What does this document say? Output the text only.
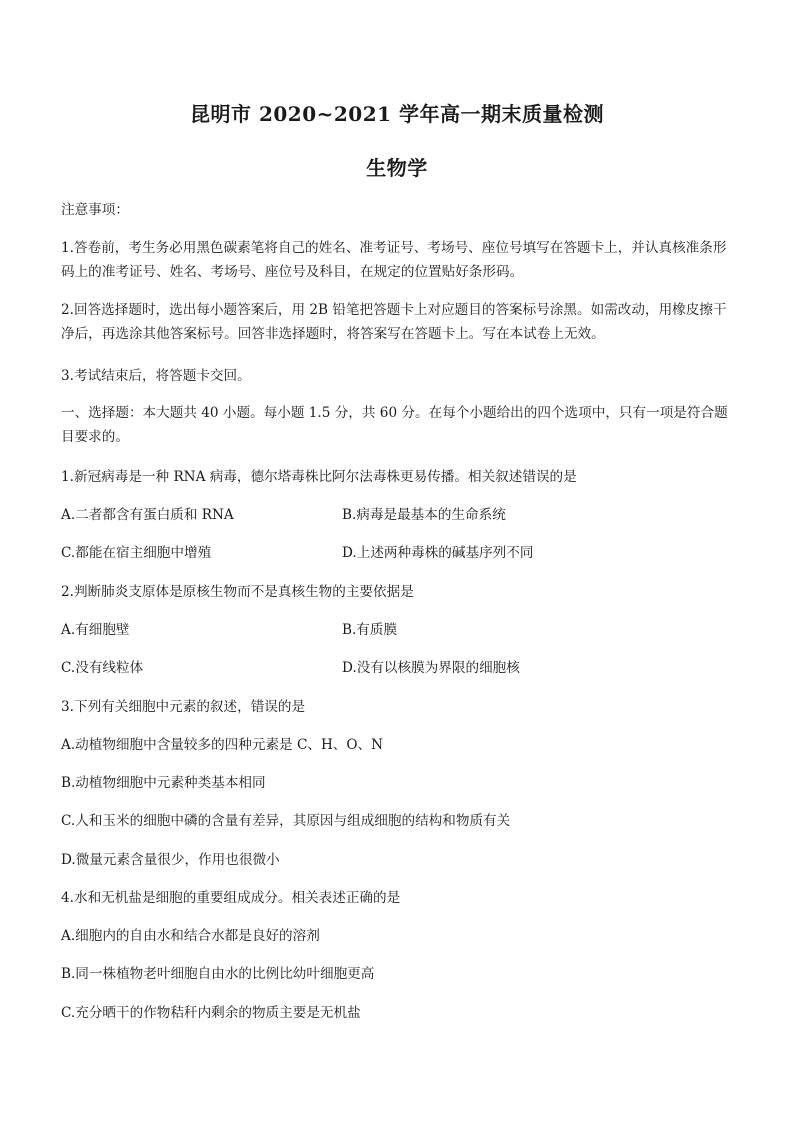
昆明市 2020~2021 学年高一期末质量检测
生物学
注意事项：
1.答卷前，考生务必用黑色碳素笔将自己的姓名、准考证号、考场号、座位号填写在答题卡上，并认真核准条形码上的准考证号、姓名、考场号、座位号及科目，在规定的位置贴好条形码。
2.回答选择题时，选出每小题答案后，用 2B 铅笔把答题卡上对应题目的答案标号涂黑。如需改动，用橡皮擦干净后，再选涂其他答案标号。回答非选择题时，将答案写在答题卡上。写在本试卷上无效。
3.考试结束后，将答题卡交回。
一、选择题：本大题共 40 小题。每小题 1.5 分，共 60 分。在每个小题给出的四个选项中，只有一项是符合题目要求的。
1.新冠病毒是一种 RNA 病毒，德尔塔毒株比阿尔法毒株更易传播。相关叙述错误的是
A.二者都含有蛋白质和 RNA	B.病毒是最基本的生命系统
C.都能在宿主细胞中增殖	D.上述两种毒株的碱基序列不同
2.判断肺炎支原体是原核生物而不是真核生物的主要依据是
A.有细胞壁	B.有质膜
C.没有线粒体	D.没有以核膜为界限的细胞核
3.下列有关细胞中元素的叙述，错误的是
A.动植物细胞中含量较多的四种元素是 C、H、O、N
B.动植物细胞中元素种类基本相同
C.人和玉米的细胞中磷的含量有差异，其原因与组成细胞的结构和物质有关
D.微量元素含量很少，作用也很微小
4.水和无机盐是细胞的重要组成成分。相关表述正确的是
A.细胞内的自由水和结合水都是良好的溶剂
B.同一株植物老叶细胞自由水的比例比幼叶细胞更高
C.充分晒干的作物秸秆内剩余的物质主要是无机盐
